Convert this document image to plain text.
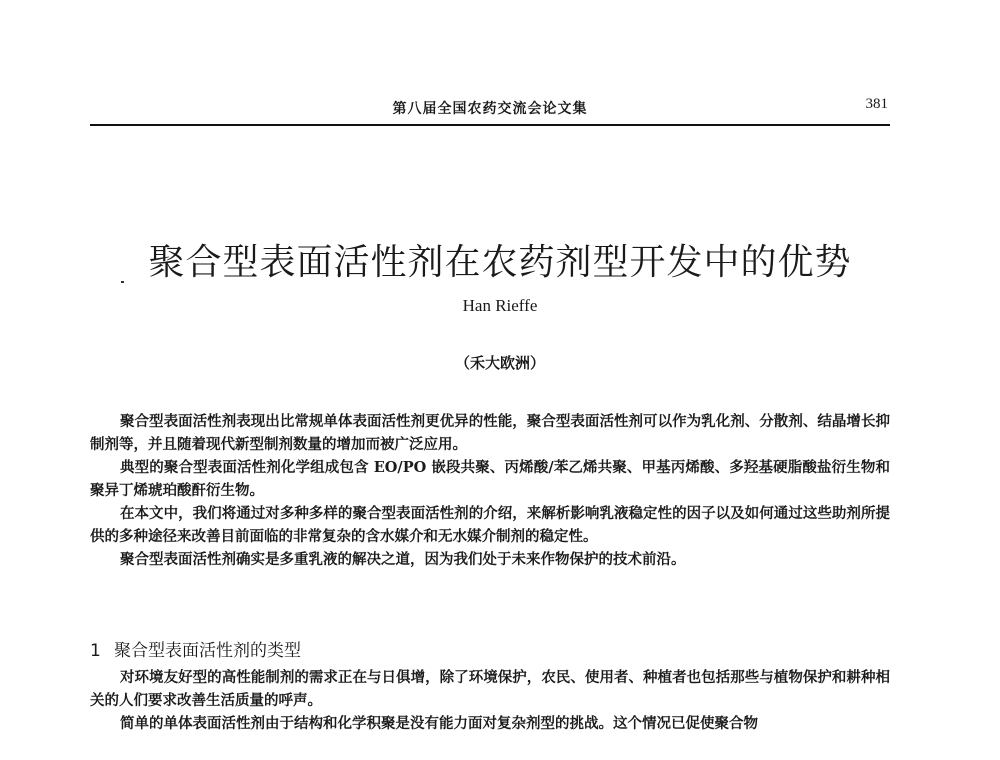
第八届全国农药交流会论文集	381
聚合型表面活性剂在农药剂型开发中的优势
Han Rieffe
（禾大欧洲）

聚合型表面活性剂表现出比常规单体表面活性剂更优异的性能，聚合型表面活性剂可以作为乳化剂、分散剂、结晶增长抑制剂等，并且随着现代新型制剂数量的增加而被广泛应用。

典型的聚合型表面活性剂化学组成包含 EO/PO 嵌段共聚、丙烯酸/苯乙烯共聚、甲基丙烯酸、多羟基硬脂酸盐衍生物和聚异丁烯琥珀酸酐衍生物。

在本文中，我们将通过对多种多样的聚合型表面活性剂的介绍，来解析影响乳液稳定性的因子以及如何通过这些助剂所提供的多种途径来改善目前面临的非常复杂的含水媒介和无水媒介制剂的稳定性。

聚合型表面活性剂确实是多重乳液的解决之道，因为我们处于未来作物保护的技术前沿。

1 聚合型表面活性剂的类型

对环境友好型的高性能制剂的需求正在与日俱增，除了环境保护，农民、使用者、种植者也包括那些与植物保护和耕种相关的人们要求改善生活质量的呼声。

简单的单体表面活性剂由于结构和化学积聚是没有能力面对复杂剂型的挑战。这个情况已促使聚合物
